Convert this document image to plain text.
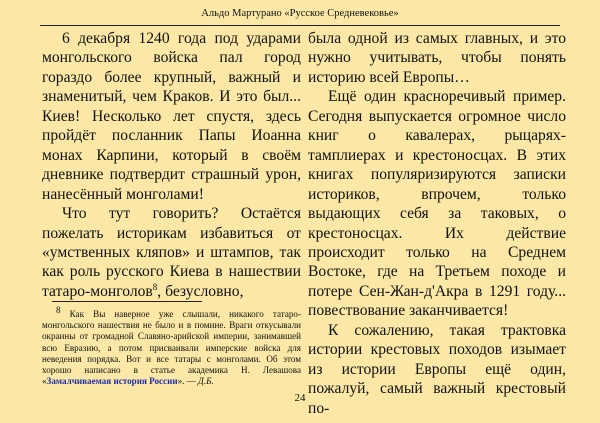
Альдо Мартурано «Русское Средневековье»

6 декабря 1240 года под ударами монгольского войска пал город гораздо более крупный, важный и знаменитый, чем Краков. И это был... Киев! Несколько лет спустя, здесь пройдёт посланник Папы Иоанна монах Карпини, который в своём дневнике подтвердит страшный урон, нанесённый монголами!

Что тут говорить? Остаётся пожелать историкам избавиться от «умственных кляпов» и штампов, так как роль русского Киева в нашествии татаро-монголов$^8$, безусловно,

была одной из самых главных, и это нужно учитывать, чтобы понять историю всей Европы…

Ещё один красноречивый пример. Сегодня выпускается огромное число книг о кавалерах, рыцарях-тамплиерах и крестоносцах. В этих книгах популяризируются записки историков, впрочем, только выдающих себя за таковых, о крестоносцах. Их действие происходит только на Среднем Востоке, где на Третьем походе и потере Сен-Жан-д'Акра в 1291 году... повествование заканчивается!

К сожалению, такая трактовка истории крестовых походов изымает из истории Европы ещё один, пожалуй, самый важный крестовый по-

$^8$ Как Вы наверное уже слышали, никакого татаро-монгольского нашествия не было и в помине. Враги откусывали окраины от громадной Славяно-арийской империи, занимавшей всю Евразию, а потом присваивали имперские войска для неведения порядка. Вот и все татары с монголами. Об этом хорошо написано в статье академика Н. Левашова «Замалчиваемая история России». — Д.Б.
24
